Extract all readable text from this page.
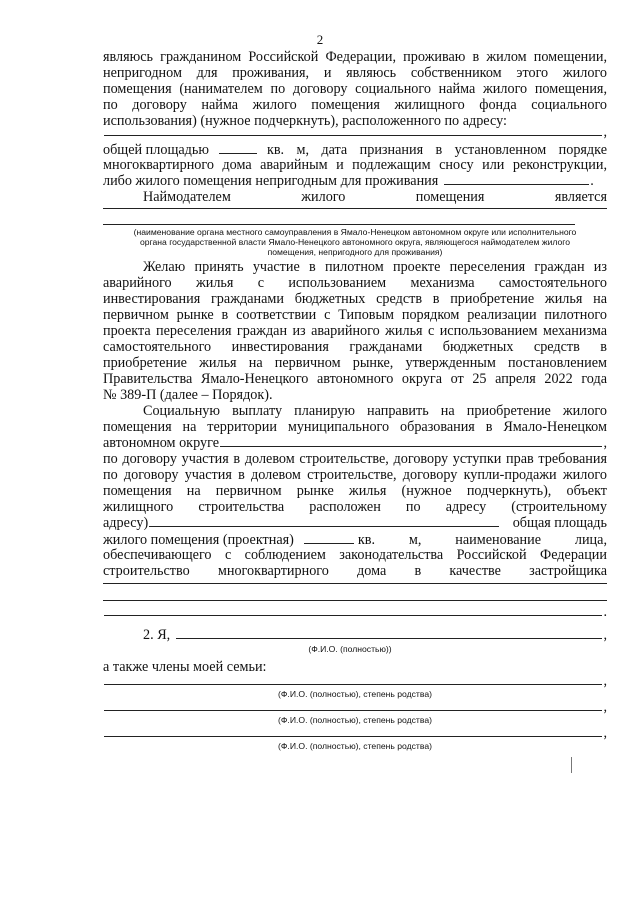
2
являюсь гражданином Российской Федерации, проживаю в жилом помещении,
непригодном для проживания, и являюсь собственником этого жилого
помещения (нанимателем по договору социального найма жилого помещения,
по договору найма жилого помещения жилищного фонда социального
использования) (нужное подчеркнуть), расположенного по адресу:
,
общей площадью	кв. м, дата признания в установленном порядке
многоквартирного дома аварийным и подлежащим сносу или реконструкции,
либо жилого помещения непригодным для проживания	.
Наймодателем жилого помещения является
(наименование органа местного самоуправления в Ямало-Ненецком автономном округе или исполнительного
органа государственной власти Ямало-Ненецкого автономного округа, являющегося наймодателем жилого
помещения, непригодного для проживания)
Желаю принять участие в пилотном проекте переселения граждан из
аварийного жилья с использованием механизма самостоятельного
инвестирования гражданами бюджетных средств в приобретение жилья на
первичном рынке в соответствии с Типовым порядком реализации пилотного
проекта переселения граждан из аварийного жилья с использованием механизма
самостоятельного инвестирования гражданами бюджетных средств в
приобретение жилья на первичном рынке, утвержденным постановлением
Правительства Ямало-Ненецкого автономного округа от 25 апреля 2022 года
№ 389-П (далее – Порядок).
Социальную выплату планирую направить на приобретение жилого
помещения на территории муниципального образования в Ямало-Ненецком
автономном округе	,
по договору участия в долевом строительстве, договору уступки прав требования
по договору участия в долевом строительстве, договору купли-продажи жилого
помещения на первичном рынке жилья (нужное подчеркнуть), объект
жилищного строительства расположен по адресу (строительному
адресу)	общая площадь
жилого помещения (проектная)	кв. м, наименование лица,
обеспечивающего с соблюдением законодательства Российской Федерации
строительство многоквартирного дома в качестве застройщика
.
2. Я,	,
(Ф.И.О. (полностью))
а также члены моей семьи:
,
(Ф.И.О. (полностью), степень родства)
,
(Ф.И.О. (полностью), степень родства)
,
(Ф.И.О. (полностью), степень родства)
